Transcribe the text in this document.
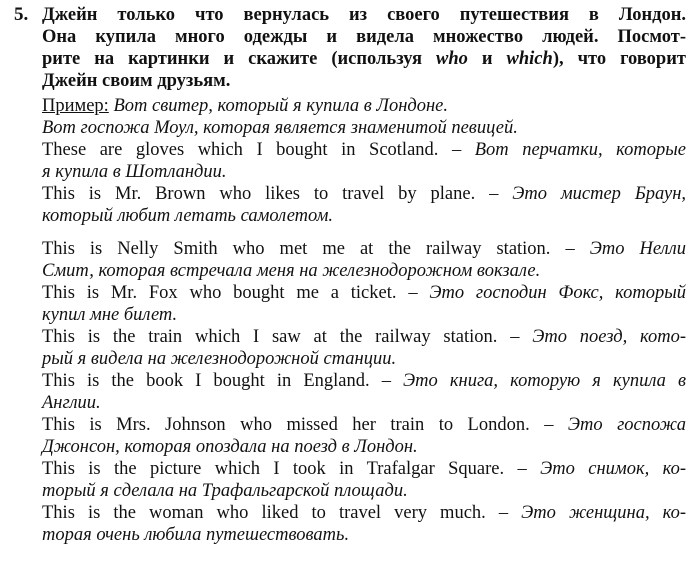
5. Джейн только что вернулась из своего путешествия в Лондон.
Она купила много одежды и видела множество людей. Посмот-
рите на картинки и скажите (используя who и which), что говорит
Джейн своим друзьям.
Пример: Вот свитер, который я купила в Лондоне.
Вот госпожа Моул, которая является знаменитой певицей.
These are gloves which I bought in Scotland. – Вот перчатки, которые
я купила в Шотландии.
This is Mr. Brown who likes to travel by plane. – Это мистер Браун,
который любит летать самолетом.
This is Nelly Smith who met me at the railway station. – Это Нелли
Смит, которая встречала меня на железнодорожном вокзале.
This is Mr. Fox who bought me a ticket. – Это господин Фокс, который
купил мне билет.
This is the train which I saw at the railway station. – Это поезд, кото-
рый я видела на железнодорожной станции.
This is the book I bought in England. – Это книга, которую я купила в
Англии.
This is Mrs. Johnson who missed her train to London. – Это госпожа
Джонсон, которая опоздала на поезд в Лондон.
This is the picture which I took in Trafalgar Square. – Это снимок, ко-
торый я сделала на Трафальгарской площади.
This is the woman who liked to travel very much. – Это женщина, ко-
торая очень любила путешествовать.
